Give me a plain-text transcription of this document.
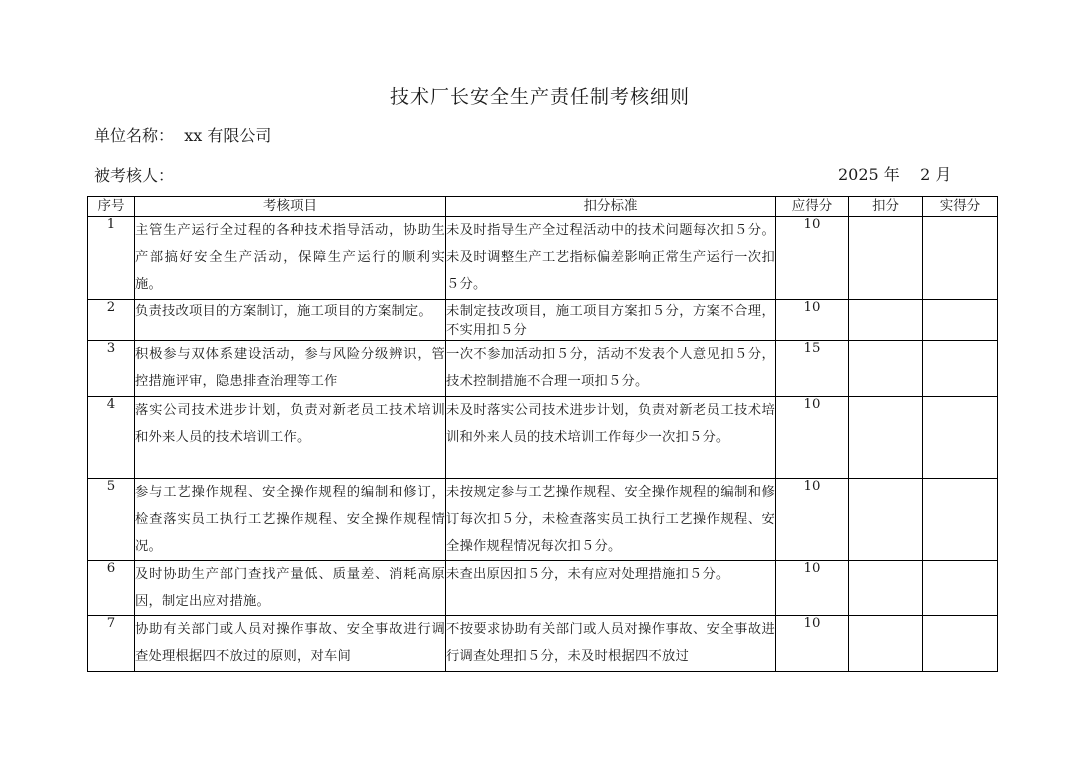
技术厂长安全生产责任制考核细则
单位名称： xx 有限公司
被考核人：	2025 年 2 月
序号	考核项目	扣分标准	应得分	扣分	实得分
1	主管生产运行全过程的各种技术指导活动，协助生产部搞好安全生产活动，保障生产运行的顺利实施。	未及时指导生产全过程活动中的技术问题每次扣５分。未及时调整生产工艺指标偏差影响正常生产运行一次扣５分。	10		
2	负责技改项目的方案制订，施工项目的方案制定。	未制定技改项目，施工项目方案扣５分，方案不合理，不实用扣５分	10		
3	积极参与双体系建设活动，参与风险分级辨识，管控措施评审，隐患排查治理等工作	一次不参加活动扣５分，活动不发表个人意见扣５分，技术控制措施不合理一项扣５分。	15		
4	落实公司技术进步计划，负责对新老员工技术培训和外来人员的技术培训工作。	未及时落实公司技术进步计划，负责对新老员工技术培训和外来人员的技术培训工作每少一次扣５分。	10		
5	参与工艺操作规程、安全操作规程的编制和修订，检查落实员工执行工艺操作规程、安全操作规程情况。	未按规定参与工艺操作规程、安全操作规程的编制和修订每次扣５分，未检查落实员工执行工艺操作规程、安全操作规程情况每次扣５分。	10		
6	及时协助生产部门查找产量低、质量差、消耗高原因，制定出应对措施。	未查出原因扣５分，未有应对处理措施扣５分。	10		
7	协助有关部门或人员对操作事故、安全事故进行调查处理根据四不放过的原则，对车间	不按要求协助有关部门或人员对操作事故、安全事故进行调查处理扣５分，未及时根据四不放过	10		
